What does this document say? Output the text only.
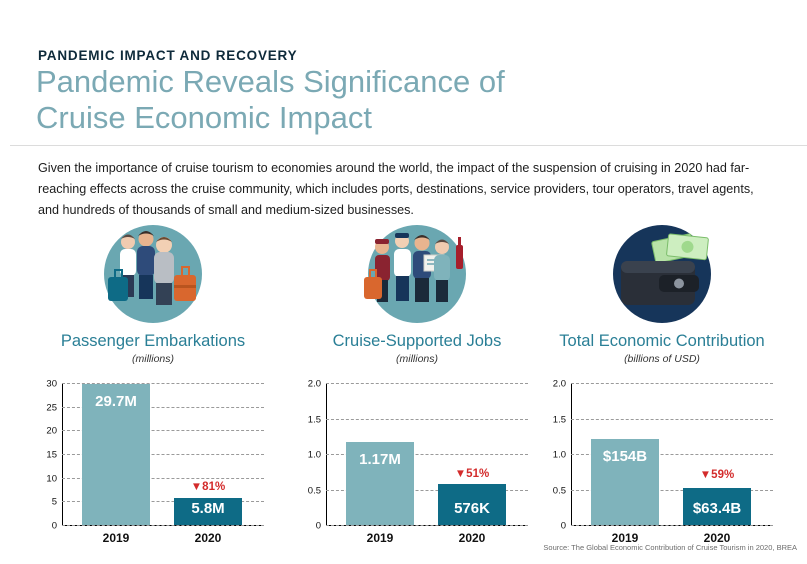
PANDEMIC IMPACT AND RECOVERY
Pandemic Reveals Significance of
Cruise Economic Impact
Given the importance of cruise tourism to economies around the world, the impact of the suspension of cruising in 2020 had far-reaching effects across the cruise community, which includes ports, destinations, service providers, tour operators, travel agents, and hundreds of thousands of small and medium-sized businesses.
Passenger Embarkations
(millions)
0
5
10
15
20
25
30
29.7M
5.8M
▼81%
2019	2020
Cruise-Supported Jobs
(millions)
0
0.5
1.0
1.5
2.0
1.17M
576K
▼51%
2019	2020
Total Economic Contribution
(billions of USD)
0
0.5
1.0
1.5
2.0
$154B
$63.4B
▼59%
2019	2020
Source: The Global Economic Contribution of Cruise Tourism in 2020, BREA
